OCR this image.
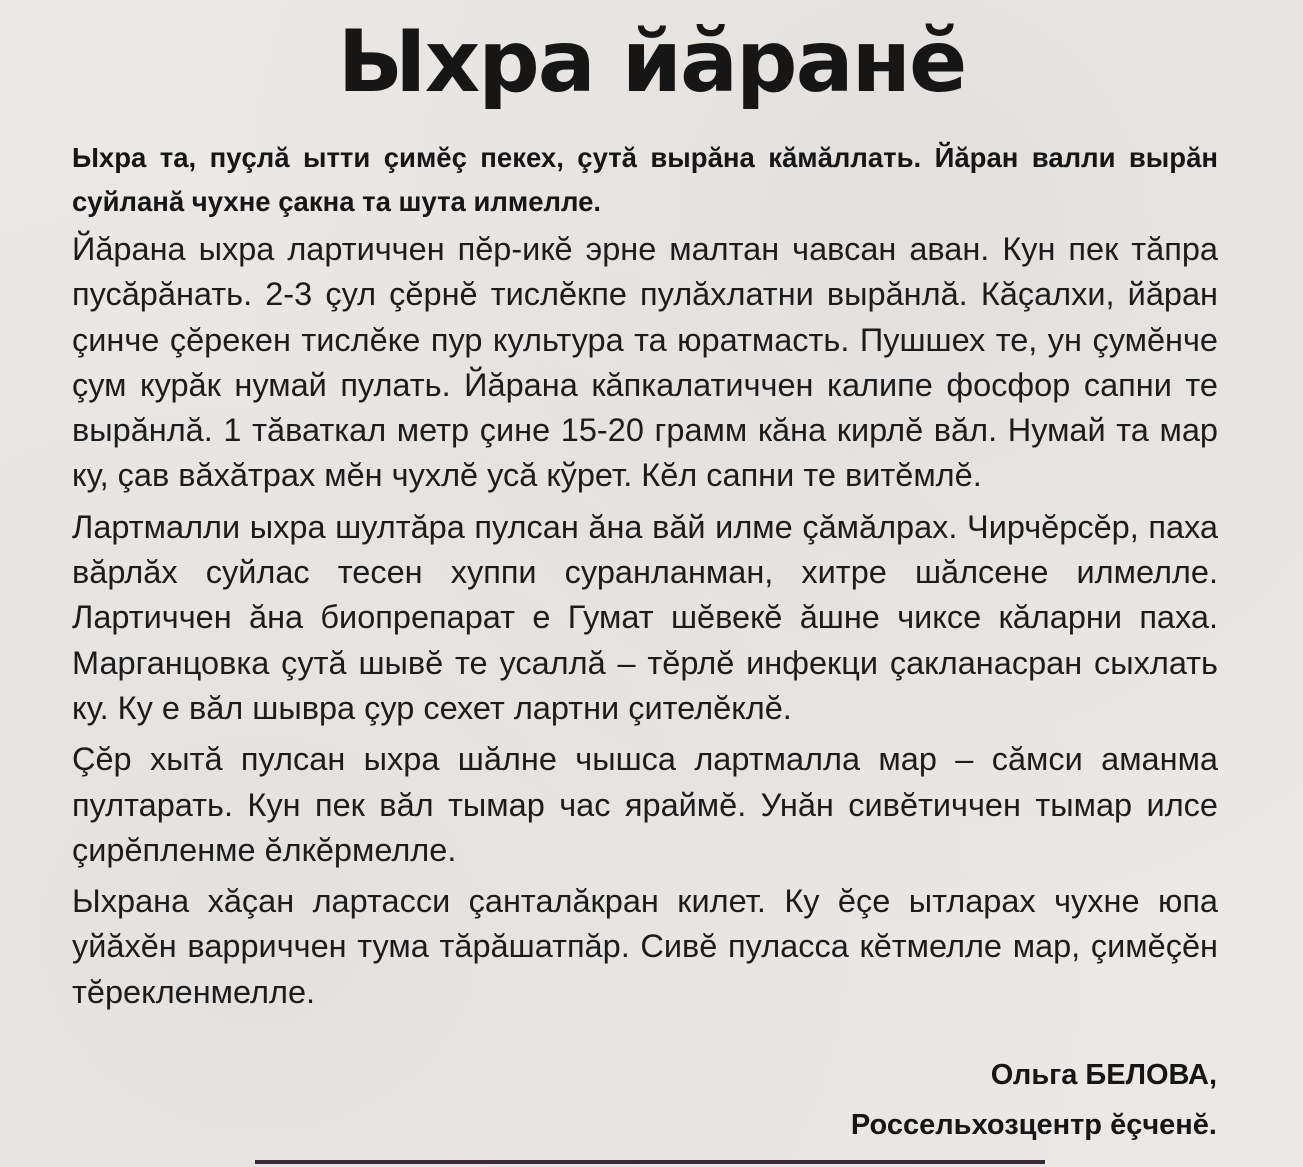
Ыхра йăранĕ

Ыхра та, пуçлă ытти çимĕç пекех, çутă вырăна кăмăллать. Йăран валли вырăн суйланă чухне çакна та шута илмелле.

Йăрана ыхра лартиччен пĕр-икĕ эрне малтан чавсан аван. Кун пек тăпра пусăрăнать. 2-3 çул çĕрнĕ тислĕкпе пулăхлатни вырăнлă. Кăçалхи, йăран çинче çĕрекен тислĕке пур культура та юратмасть. Пушшех те, ун çумĕнче çум курăк нумай пулать. Йăрана кăпкалатиччен калипе фосфор сапни те вырăнлă. 1 тăваткал метр çине 15-20 грамм кăна кирлĕ вăл. Нумай та мар ку, çав вăхăтрах мĕн чухлĕ усă кўрет. Кĕл сапни те витĕмлĕ.

Лартмалли ыхра шултăра пулсан ăна вăй илме çăмăлрах. Чирчĕрсĕр, паха вăрлăх суйлас тесен хуппи суранланман, хитре шăлсене илмелле. Лартиччен ăна биопрепарат е Гумат шĕвекĕ ăшне чиксе кăларни паха. Марганцовка çутă шывĕ те усаллă – тĕрлĕ инфекци çакланасран сыхлать ку. Ку е вăл шывра çур сехет лартни çителĕклĕ.

Çĕр хытă пулсан ыхра шăлне чышса лартмалла мар – сăмси аманма пултарать. Кун пек вăл тымар час яраймĕ. Унăн сивĕтиччен тымар илсе çирĕпленме ĕлкĕрмелле.

Ыхрана хăçан лартасси çанталăкран килет. Ку ĕçе ытларах чухне юпа уйăхĕн варриччен тума тăрăшатпăр. Сивĕ пуласса кĕтмелле мар, çимĕçĕн тĕрекленмелле.

Ольга БЕЛОВА,
Россельхозцентр ĕçченĕ.
